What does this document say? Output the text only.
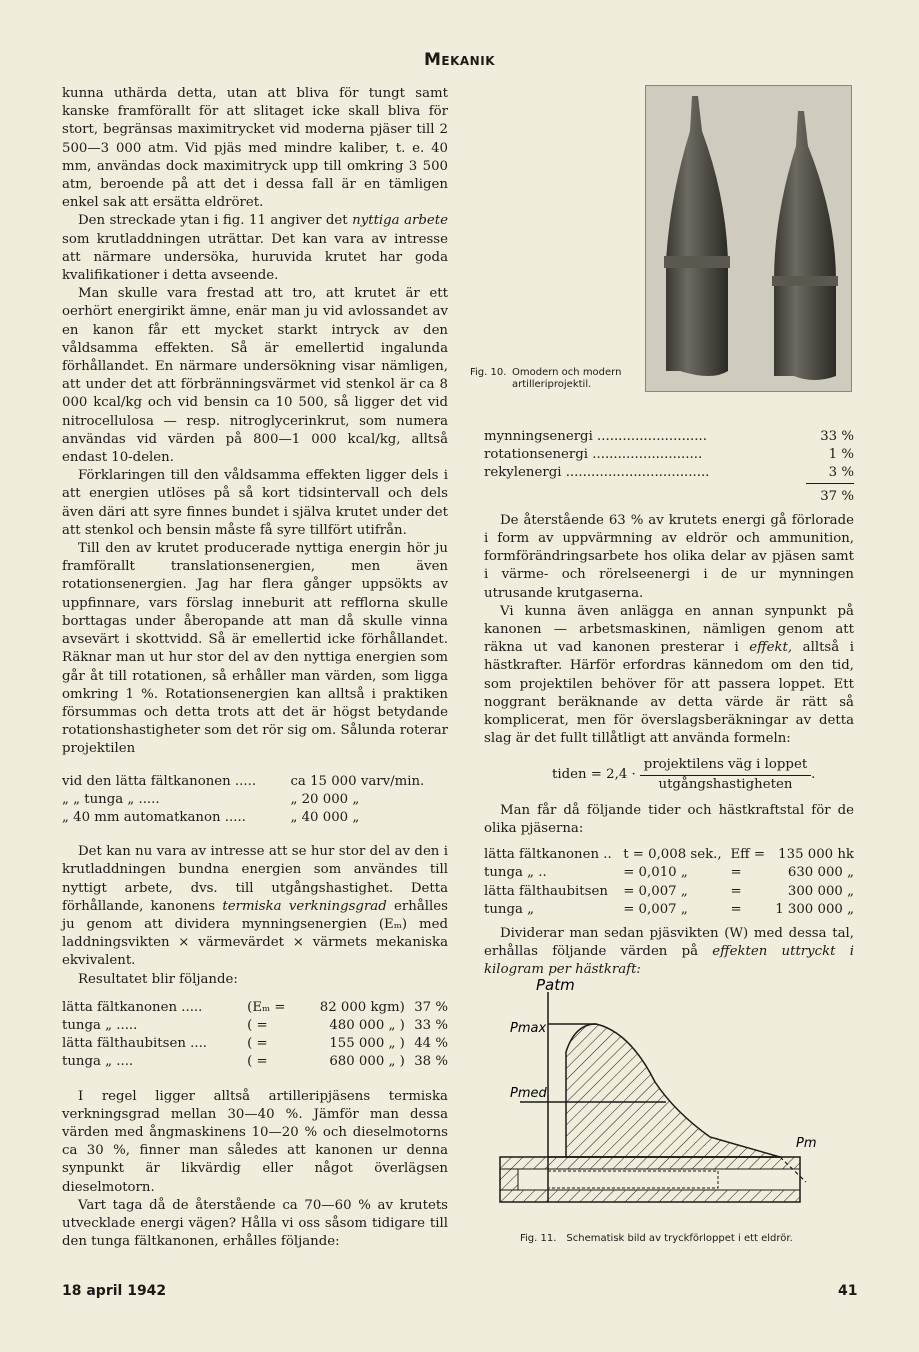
Mekanik

kunna uthärda detta, utan att bliva för tungt samt kanske framförallt för att slitaget icke skall bliva för stort, begränsas maximitrycket vid moderna pjäser till 2 500—3 000 atm. Vid pjäs med mindre kaliber, t. e. 40 mm, användas dock maximitryck upp till omkring 3 500 atm, beroende på att det i dessa fall är en tämligen enkel sak att ersätta eldröret.

Den streckade ytan i fig. 11 angiver det nyttiga arbete som krutladdningen uträttar. Det kan vara av intresse att närmare undersöka, huruvida krutet har goda kvalifikationer i detta avseende.

Man skulle vara frestad att tro, att krutet är ett oerhört energirikt ämne, enär man ju vid avlossandet av en kanon får ett mycket starkt intryck av den våldsamma effekten. Så är emellertid ingalunda förhållandet. En närmare undersökning visar nämligen, att under det att förbränningsvärmet vid stenkol är ca 8 000 kcal/kg och vid bensin ca 10 500, så ligger det vid nitrocellulosa — resp. nitroglycerinkrut, som numera användas vid värden på 800—1 000 kcal/kg, alltså endast 10-delen.

Förklaringen till den våldsamma effekten ligger dels i att energien utlöses på så kort tidsintervall och dels även däri att syre finnes bundet i själva krutet under det att stenkol och bensin måste få syre tillfört utifrån.

Till den av krutet producerade nyttiga energin hör ju framförallt translationsenergien, men även rotationsenergien. Jag har flera gånger uppsökts av uppfinnare, vars förslag inneburit att refflorna skulle borttagas under åberopande att man då skulle vinna avsevärt i skottvidd. Så är emellertid icke förhållandet. Räknar man ut hur stor del av den nyttiga energien som går åt till rotationen, så erhåller man värden, som ligga omkring 1 %. Rotationsenergien kan alltså i praktiken försummas och detta trots att det är högst betydande rotationshastigheter som det rör sig om. Sålunda roterar projektilen

vid den lätta fältkanonen .....	ca 15 000 varv/min.
„ „ tunga „ .....	„ 20 000 „
„ 40 mm automatkanon .....	„ 40 000 „

Det kan nu vara av intresse att se hur stor del av den i krutladdningen bundna energien som användes till nyttigt arbete, dvs. till utgångshastighet. Detta förhållande, kanonens termiska verkningsgrad erhålles ju genom att dividera mynningsenergien (Eₘ) med laddningsvikten × värmevärdet × värmets mekaniska ekvivalent.

Resultatet blir följande:

lätta fältkanonen .....	(Eₘ =	82 000 kgm)	37 %
tunga „ .....	( =	480 000 „ )	33 %
lätta fälthaubitsen ....	( =	155 000 „ )	44 %
tunga „ ....	( =	680 000 „ )	38 %

I regel ligger alltså artilleripjäsens termiska verkningsgrad mellan 30—40 %. Jämför man dessa värden med ångmaskinens 10—20 % och dieselmotorns ca 30 %, finner man således att kanonen ur denna synpunkt är likvärdig eller något överlägsen dieselmotorn.

Vart taga då de återstående ca 70—60 % av krutets utvecklade energi vägen? Hålla vi oss såsom tidigare till den tunga fältkanonen, erhålles följande:

Fig. 10. Omodern och modern artilleriprojektil.
mynningsenergi ..........................	33 %
rotationsenergi ..........................	1 %
rekylenergi ..................................	3 %
	37 %

De återstående 63 % av krutets energi gå förlorade i form av uppvärmning av eldrör och ammunition, formförändringsarbete hos olika delar av pjäsen samt i värme- och rörelseenergi i de ur mynningen utrusande krutgaserna.

Vi kunna även anlägga en annan synpunkt på kanonen — arbetsmaskinen, nämligen genom att räkna ut vad kanonen presterar i effekt, alltså i hästkrafter. Härför erfordras kännedom om den tid, som projektilen behöver för att passera loppet. Ett noggrant beräknande av detta värde är rätt så komplicerat, men för överslagsberäkningar av detta slag är det fullt tillåtligt att använda formeln:

tiden = $2,4 \cdot \frac{\text{projektilens väg i loppet}}{\text{utgångshastigheten}}$ .

Man får då följande tider och hästkraftstal för de olika pjäserna:

lätta fältkanonen ..	t = 0,008 sek.,	Eff =	135 000 hk
tunga „ ..	= 0,010 „	=	630 000 „
lätta fälthaubitsen	= 0,007 „	=	300 000 „
tunga „	= 0,007 „	=	1 300 000 „

Dividerar man sedan pjäsvikten (W) med dessa tal, erhållas följande värden på effekten uttryckt i kilogram per hästkraft:

Patm
Pmax
Pmed
Pm
Fig. 11. Schematisk bild av tryckförloppet i ett eldrör.
18 april 1942	41
